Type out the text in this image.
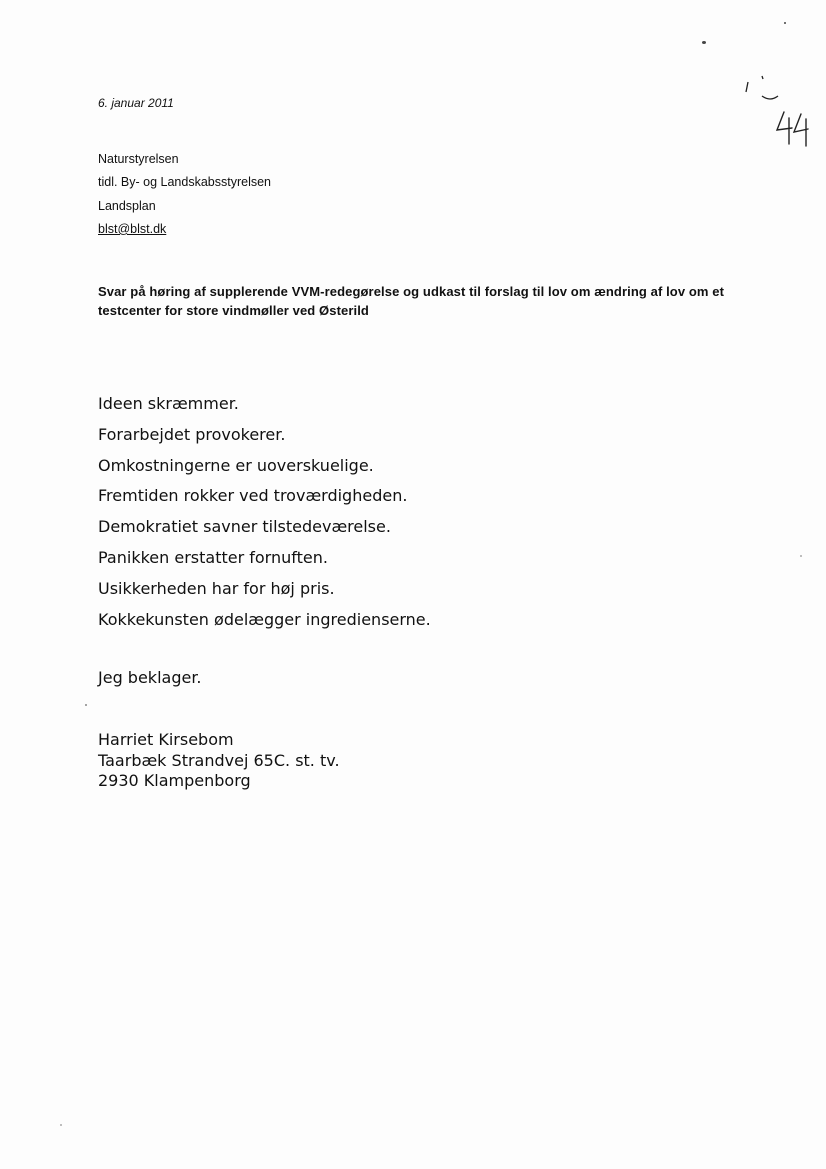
6. januar 2011
Naturstyrelsen
tidl. By- og Landskabsstyrelsen
Landsplan
blst@blst.dk
Svar på høring af supplerende VVM-redegørelse og udkast til forslag til lov om ændring af lov om et testcenter for store vindmøller ved Østerild
Ideen skræmmer.
Forarbejdet provokerer.
Omkostningerne er uoverskuelige.
Fremtiden rokker ved troværdigheden.
Demokratiet savner tilstedeværelse.
Panikken erstatter fornuften.
Usikkerheden har for høj pris.
Kokkekunsten ødelægger ingredienserne.
Jeg beklager.
Harriet Kirsebom
Taarbæk Strandvej 65C. st. tv.
2930 Klampenborg
